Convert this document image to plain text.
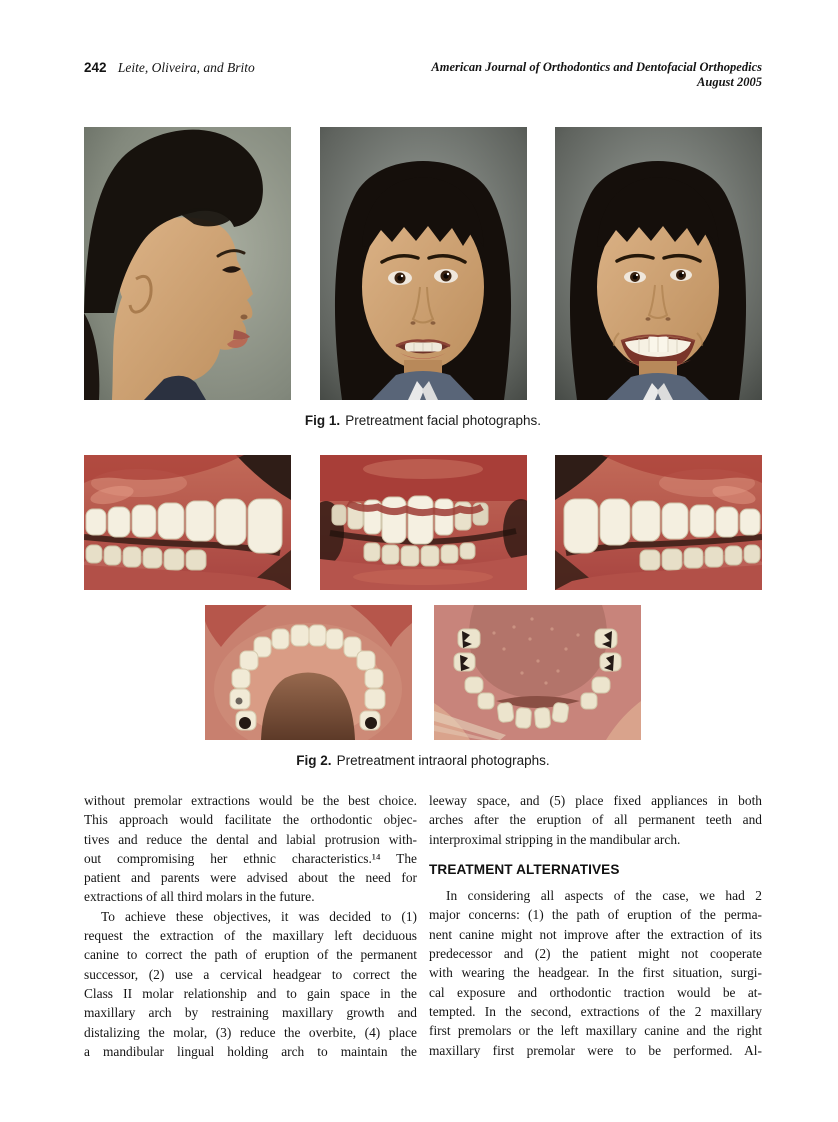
242 Leite, Oliveira, and Brito	American Journal of Orthodontics and Dentofacial Orthopedics
August 2005
Fig 1. Pretreatment facial photographs.
Fig 2. Pretreatment intraoral photographs.
without premolar extractions would be the best choice.
This approach would facilitate the orthodontic objec-
tives and reduce the dental and labial protrusion with-
out compromising her ethnic characteristics.¹⁴ The
patient and parents were advised about the need for
extractions of all third molars in the future.
To achieve these objectives, it was decided to (1)
request the extraction of the maxillary left deciduous
canine to correct the path of eruption of the permanent
successor, (2) use a cervical headgear to correct the
Class II molar relationship and to gain space in the
maxillary arch by restraining maxillary growth and
distalizing the molar, (3) reduce the overbite, (4) place
a mandibular lingual holding arch to maintain the
leeway space, and (5) place fixed appliances in both
arches after the eruption of all permanent teeth and
interproximal stripping in the mandibular arch.
TREATMENT ALTERNATIVES
In considering all aspects of the case, we had 2
major concerns: (1) the path of eruption of the perma-
nent canine might not improve after the extraction of its
predecessor and (2) the patient might not cooperate
with wearing the headgear. In the first situation, surgi-
cal exposure and orthodontic traction would be at-
tempted. In the second, extractions of the 2 maxillary
first premolars or the left maxillary canine and the right
maxillary first premolar were to be performed. Al-
